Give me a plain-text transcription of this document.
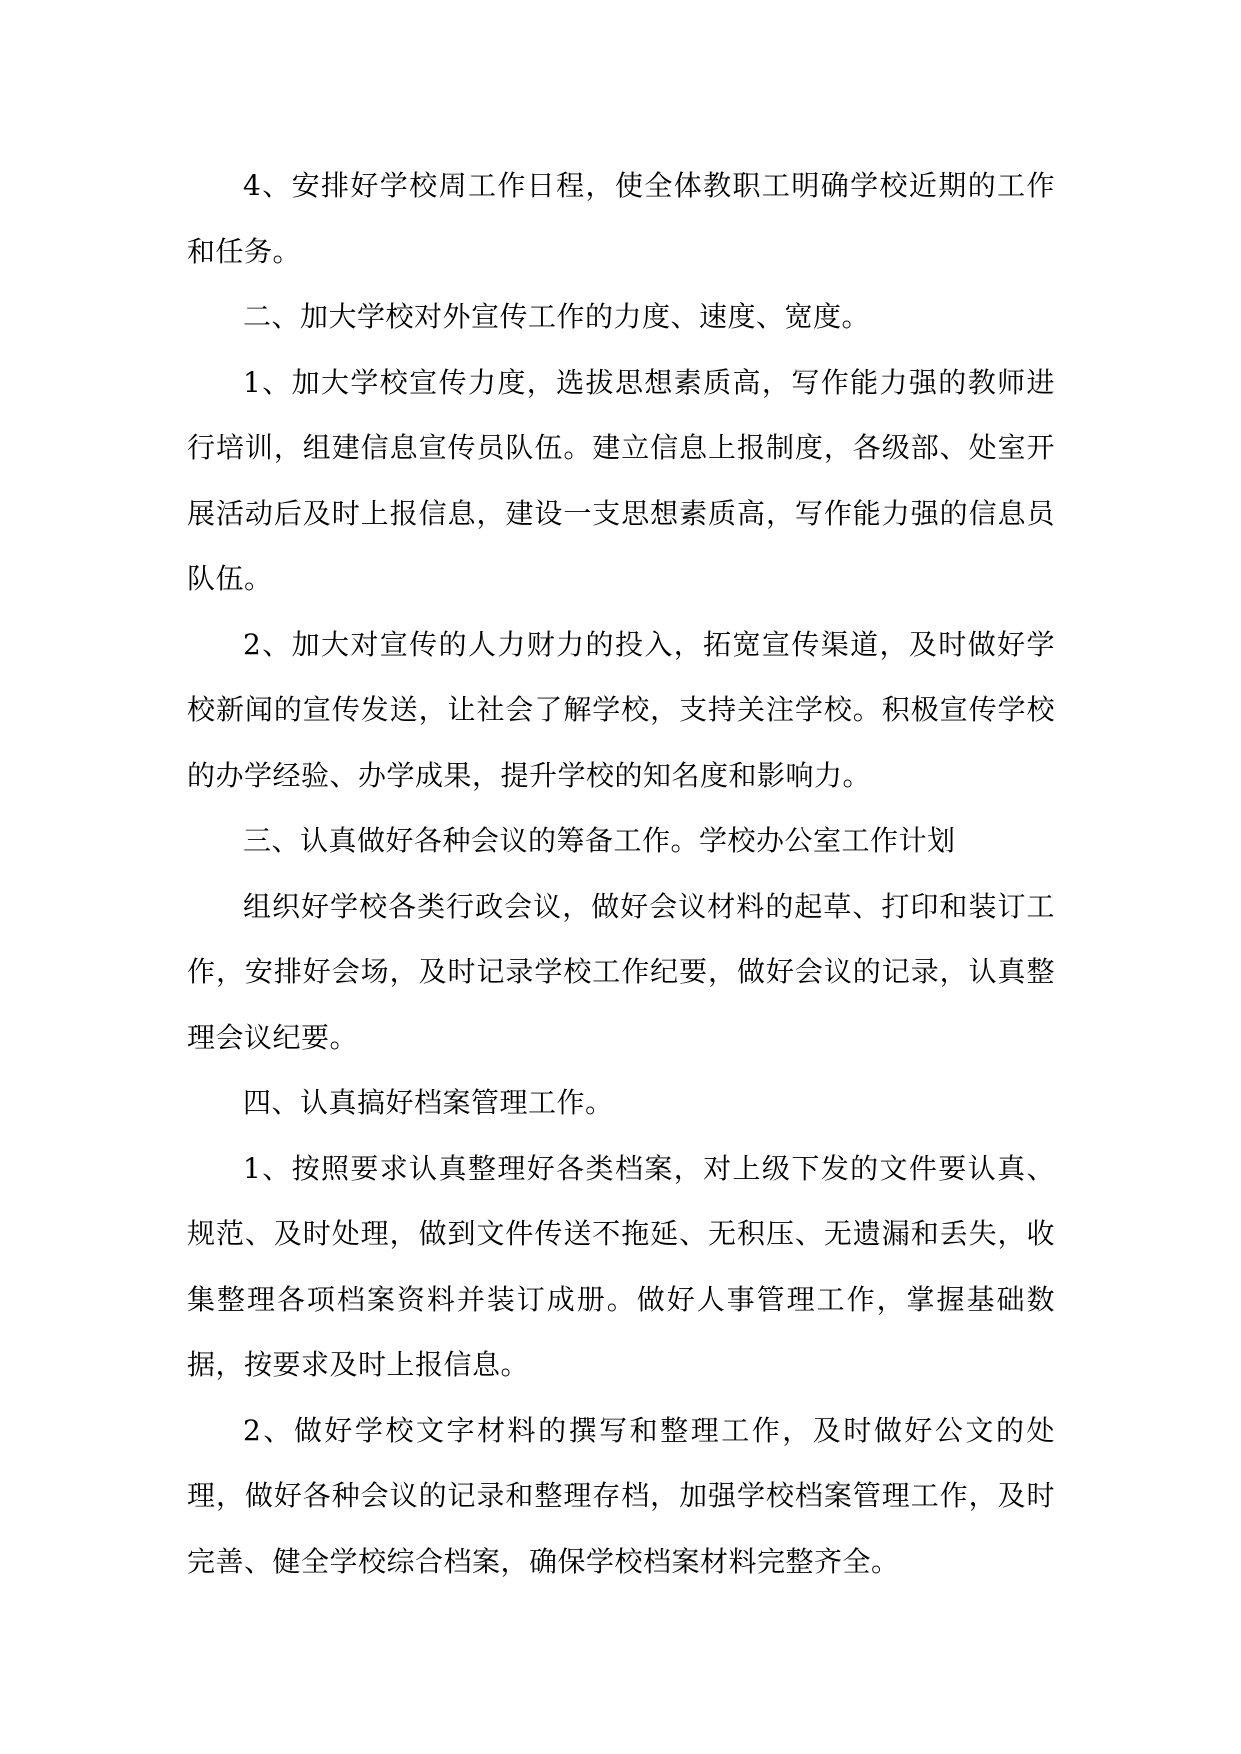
4、安排好学校周工作日程，使全体教职工明确学校近期的工作和任务。

二、加大学校对外宣传工作的力度、速度、宽度。

1、加大学校宣传力度，选拔思想素质高，写作能力强的教师进行培训，组建信息宣传员队伍。建立信息上报制度，各级部、处室开展活动后及时上报信息，建设一支思想素质高，写作能力强的信息员队伍。

2、加大对宣传的人力财力的投入，拓宽宣传渠道，及时做好学校新闻的宣传发送，让社会了解学校，支持关注学校。积极宣传学校的办学经验、办学成果，提升学校的知名度和影响力。

三、认真做好各种会议的筹备工作。学校办公室工作计划

组织好学校各类行政会议，做好会议材料的起草、打印和装订工作，安排好会场，及时记录学校工作纪要，做好会议的记录，认真整理会议纪要。

四、认真搞好档案管理工作。

1、按照要求认真整理好各类档案，对上级下发的文件要认真、规范、及时处理，做到文件传送不拖延、无积压、无遗漏和丢失，收集整理各项档案资料并装订成册。做好人事管理工作，掌握基础数据，按要求及时上报信息。

2、做好学校文字材料的撰写和整理工作，及时做好公文的处理，做好各种会议的记录和整理存档，加强学校档案管理工作，及时完善、健全学校综合档案，确保学校档案材料完整齐全。
